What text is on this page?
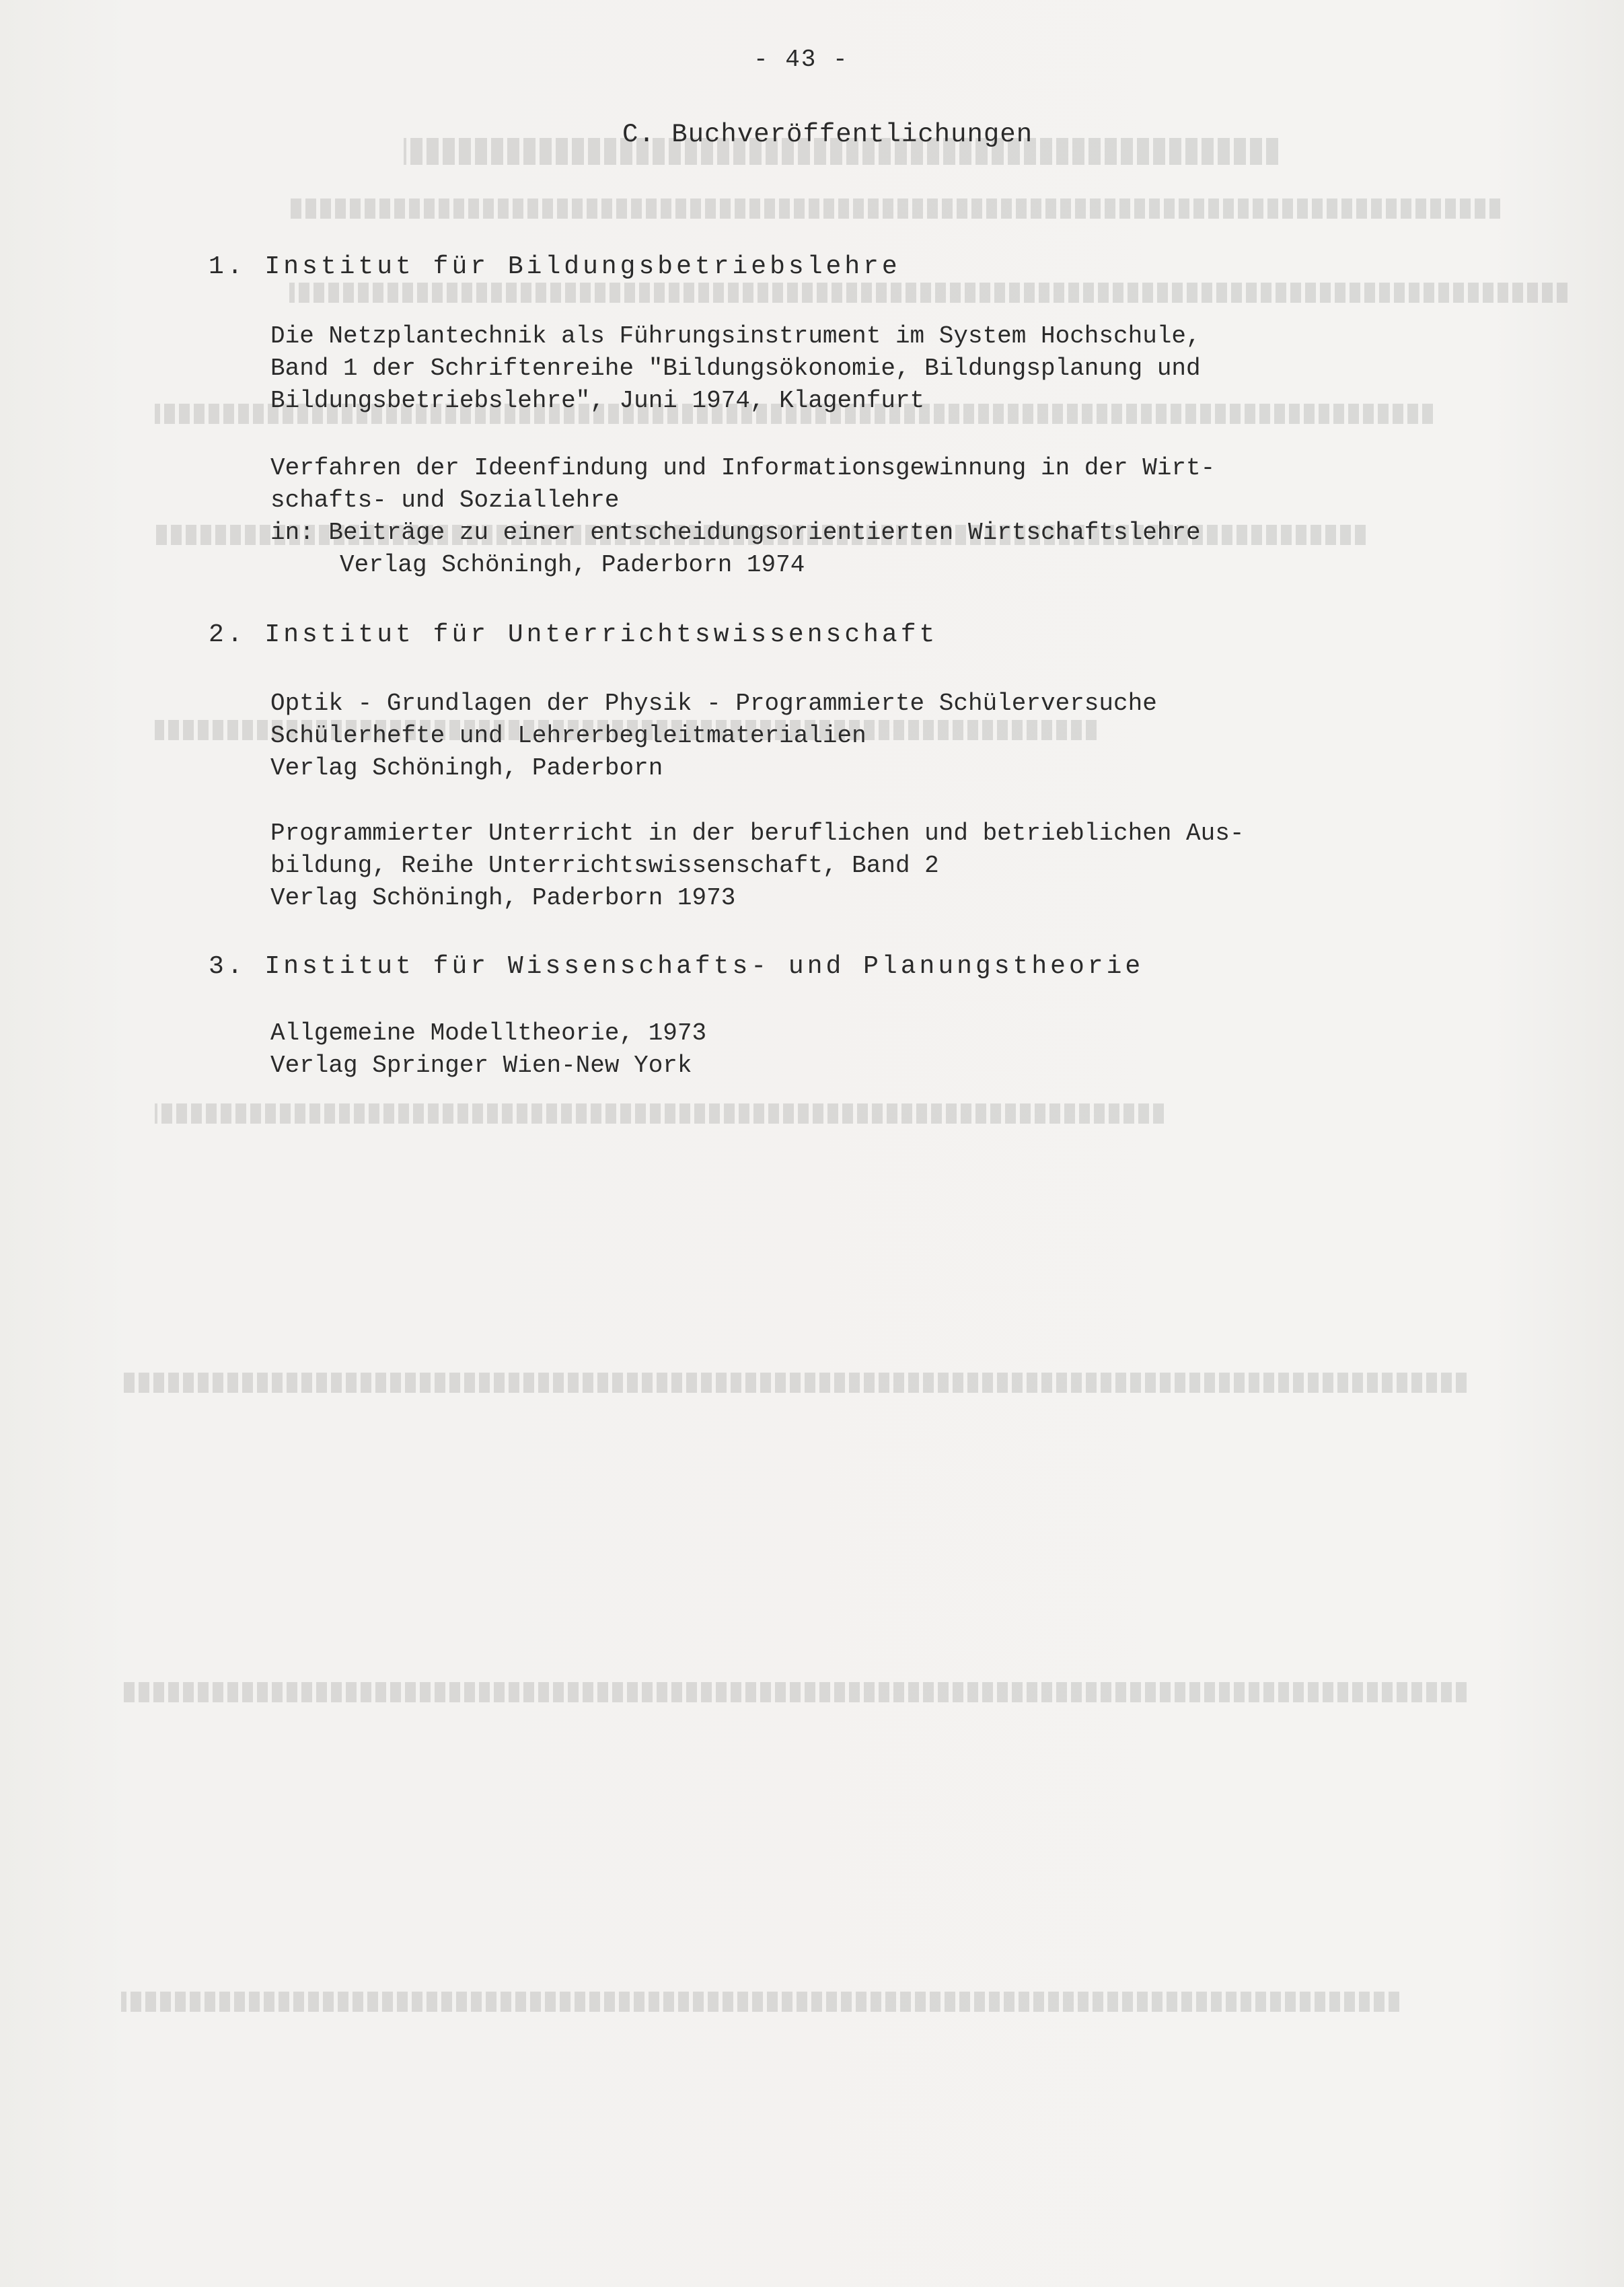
- 43 -
C. Buchveröffentlichungen
1. Institut für Bildungsbetriebslehre
Die Netzplantechnik als Führungsinstrument im System Hochschule,
Band 1 der Schriftenreihe "Bildungsökonomie, Bildungsplanung und
Bildungsbetriebslehre", Juni 1974, Klagenfurt
Verfahren der Ideenfindung und Informationsgewinnung in der Wirt-
schafts- und Soziallehre
in: Beiträge zu einer entscheidungsorientierten Wirtschaftslehre
Verlag Schöningh, Paderborn 1974
2. Institut für Unterrichtswissenschaft
Optik - Grundlagen der Physik - Programmierte Schülerversuche
Schülerhefte und Lehrerbegleitmaterialien
Verlag Schöningh, Paderborn
Programmierter Unterricht in der beruflichen und betrieblichen Aus-
bildung, Reihe Unterrichtswissenschaft, Band 2
Verlag Schöningh, Paderborn 1973
3. Institut für Wissenschafts- und Planungstheorie
Allgemeine Modelltheorie, 1973
Verlag Springer Wien-New York
